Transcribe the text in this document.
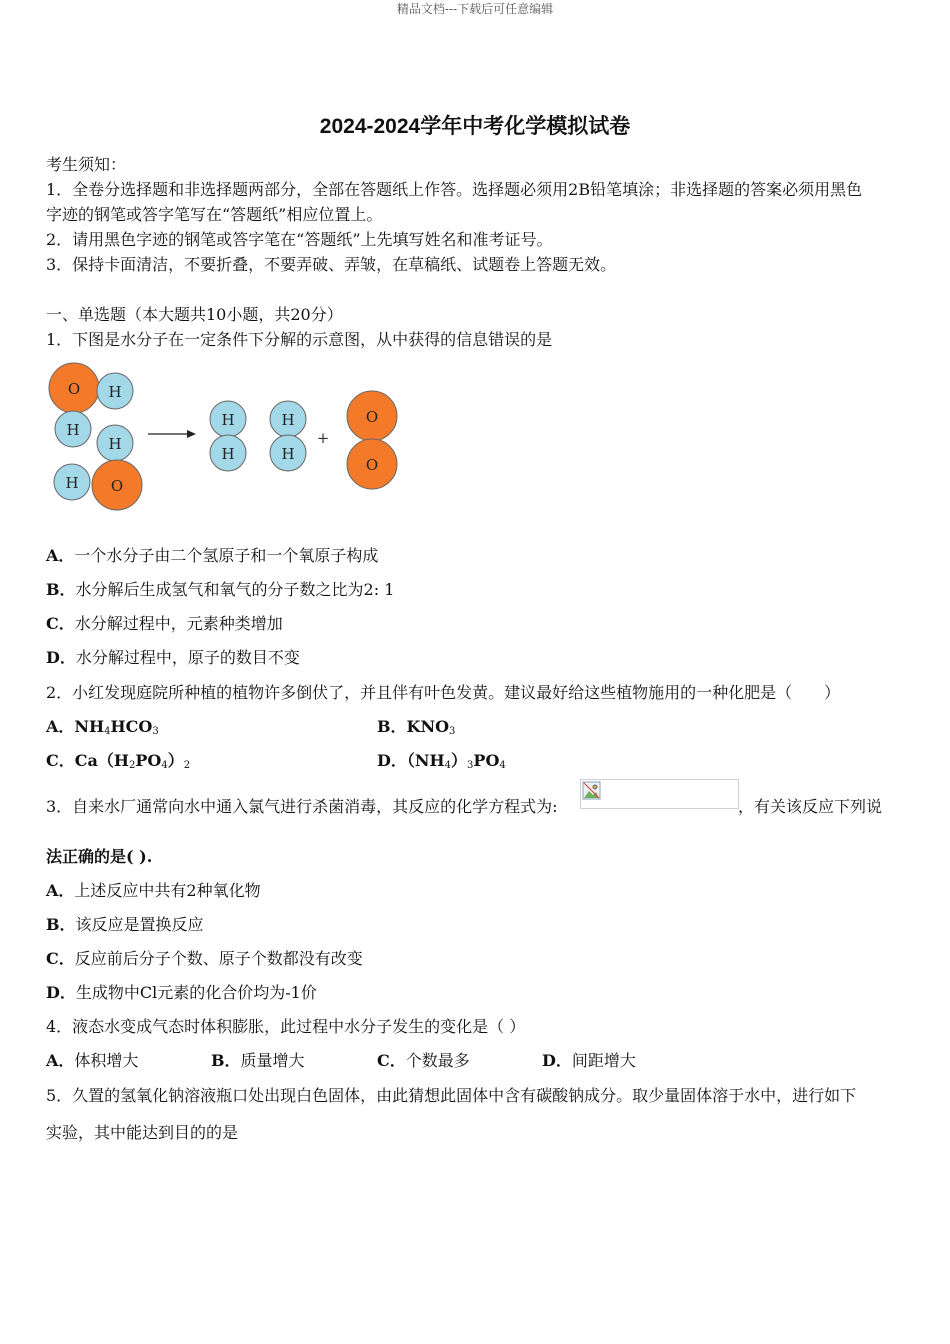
精品文档---下载后可任意编辑
2024-2024学年中考化学模拟试卷
考生须知：
1．全卷分选择题和非选择题两部分，全部在答题纸上作答。选择题必须用2B铅笔填涂；非选择题的答案必须用黑色
字迹的钢笔或答字笔写在“答题纸”相应位置上。
2．请用黑色字迹的钢笔或答字笔在“答题纸”上先填写姓名和准考证号。
3．保持卡面清洁，不要折叠，不要弄破、弄皱，在草稿纸、试题卷上答题无效。
一、单选题（本大题共10小题，共20分）
1．下图是水分子在一定条件下分解的示意图，从中获得的信息错误的是
O H
H
H
H O
H
H
H
H
+
O
O
A．一个水分子由二个氢原子和一个氧原子构成
B．水分解后生成氢气和氧气的分子数之比为2: 1
C．水分解过程中，元素种类增加
D．水分解过程中，原子的数目不变
2．小红发现庭院所种植的植物许多倒伏了，并且伴有叶色发黄。建议最好给这些植物施用的一种化肥是（　　）
A．$NH_4HCO_3$	B．$KNO_3$
C．$Ca(H_2PO_4)_2$	D．$(NH_4)_3PO_4$
3．自来水厂通常向水中通入氯气进行杀菌消毒，其反应的化学方程式为:	，有关该反应下列说
法正确的是( ).
A．上述反应中共有2种氧化物
B．该反应是置换反应
C．反应前后分子个数、原子个数都没有改变
D．生成物中Cl元素的化合价均为-1价
4．液态水变成气态时体积膨胀，此过程中水分子发生的变化是（ ）
A．体积增大	B．质量增大	C．个数最多	D．间距增大
5．久置的氢氧化钠溶液瓶口处出现白色固体，由此猜想此固体中含有碳酸钠成分。取少量固体溶于水中，进行如下
实验，其中能达到目的的是
